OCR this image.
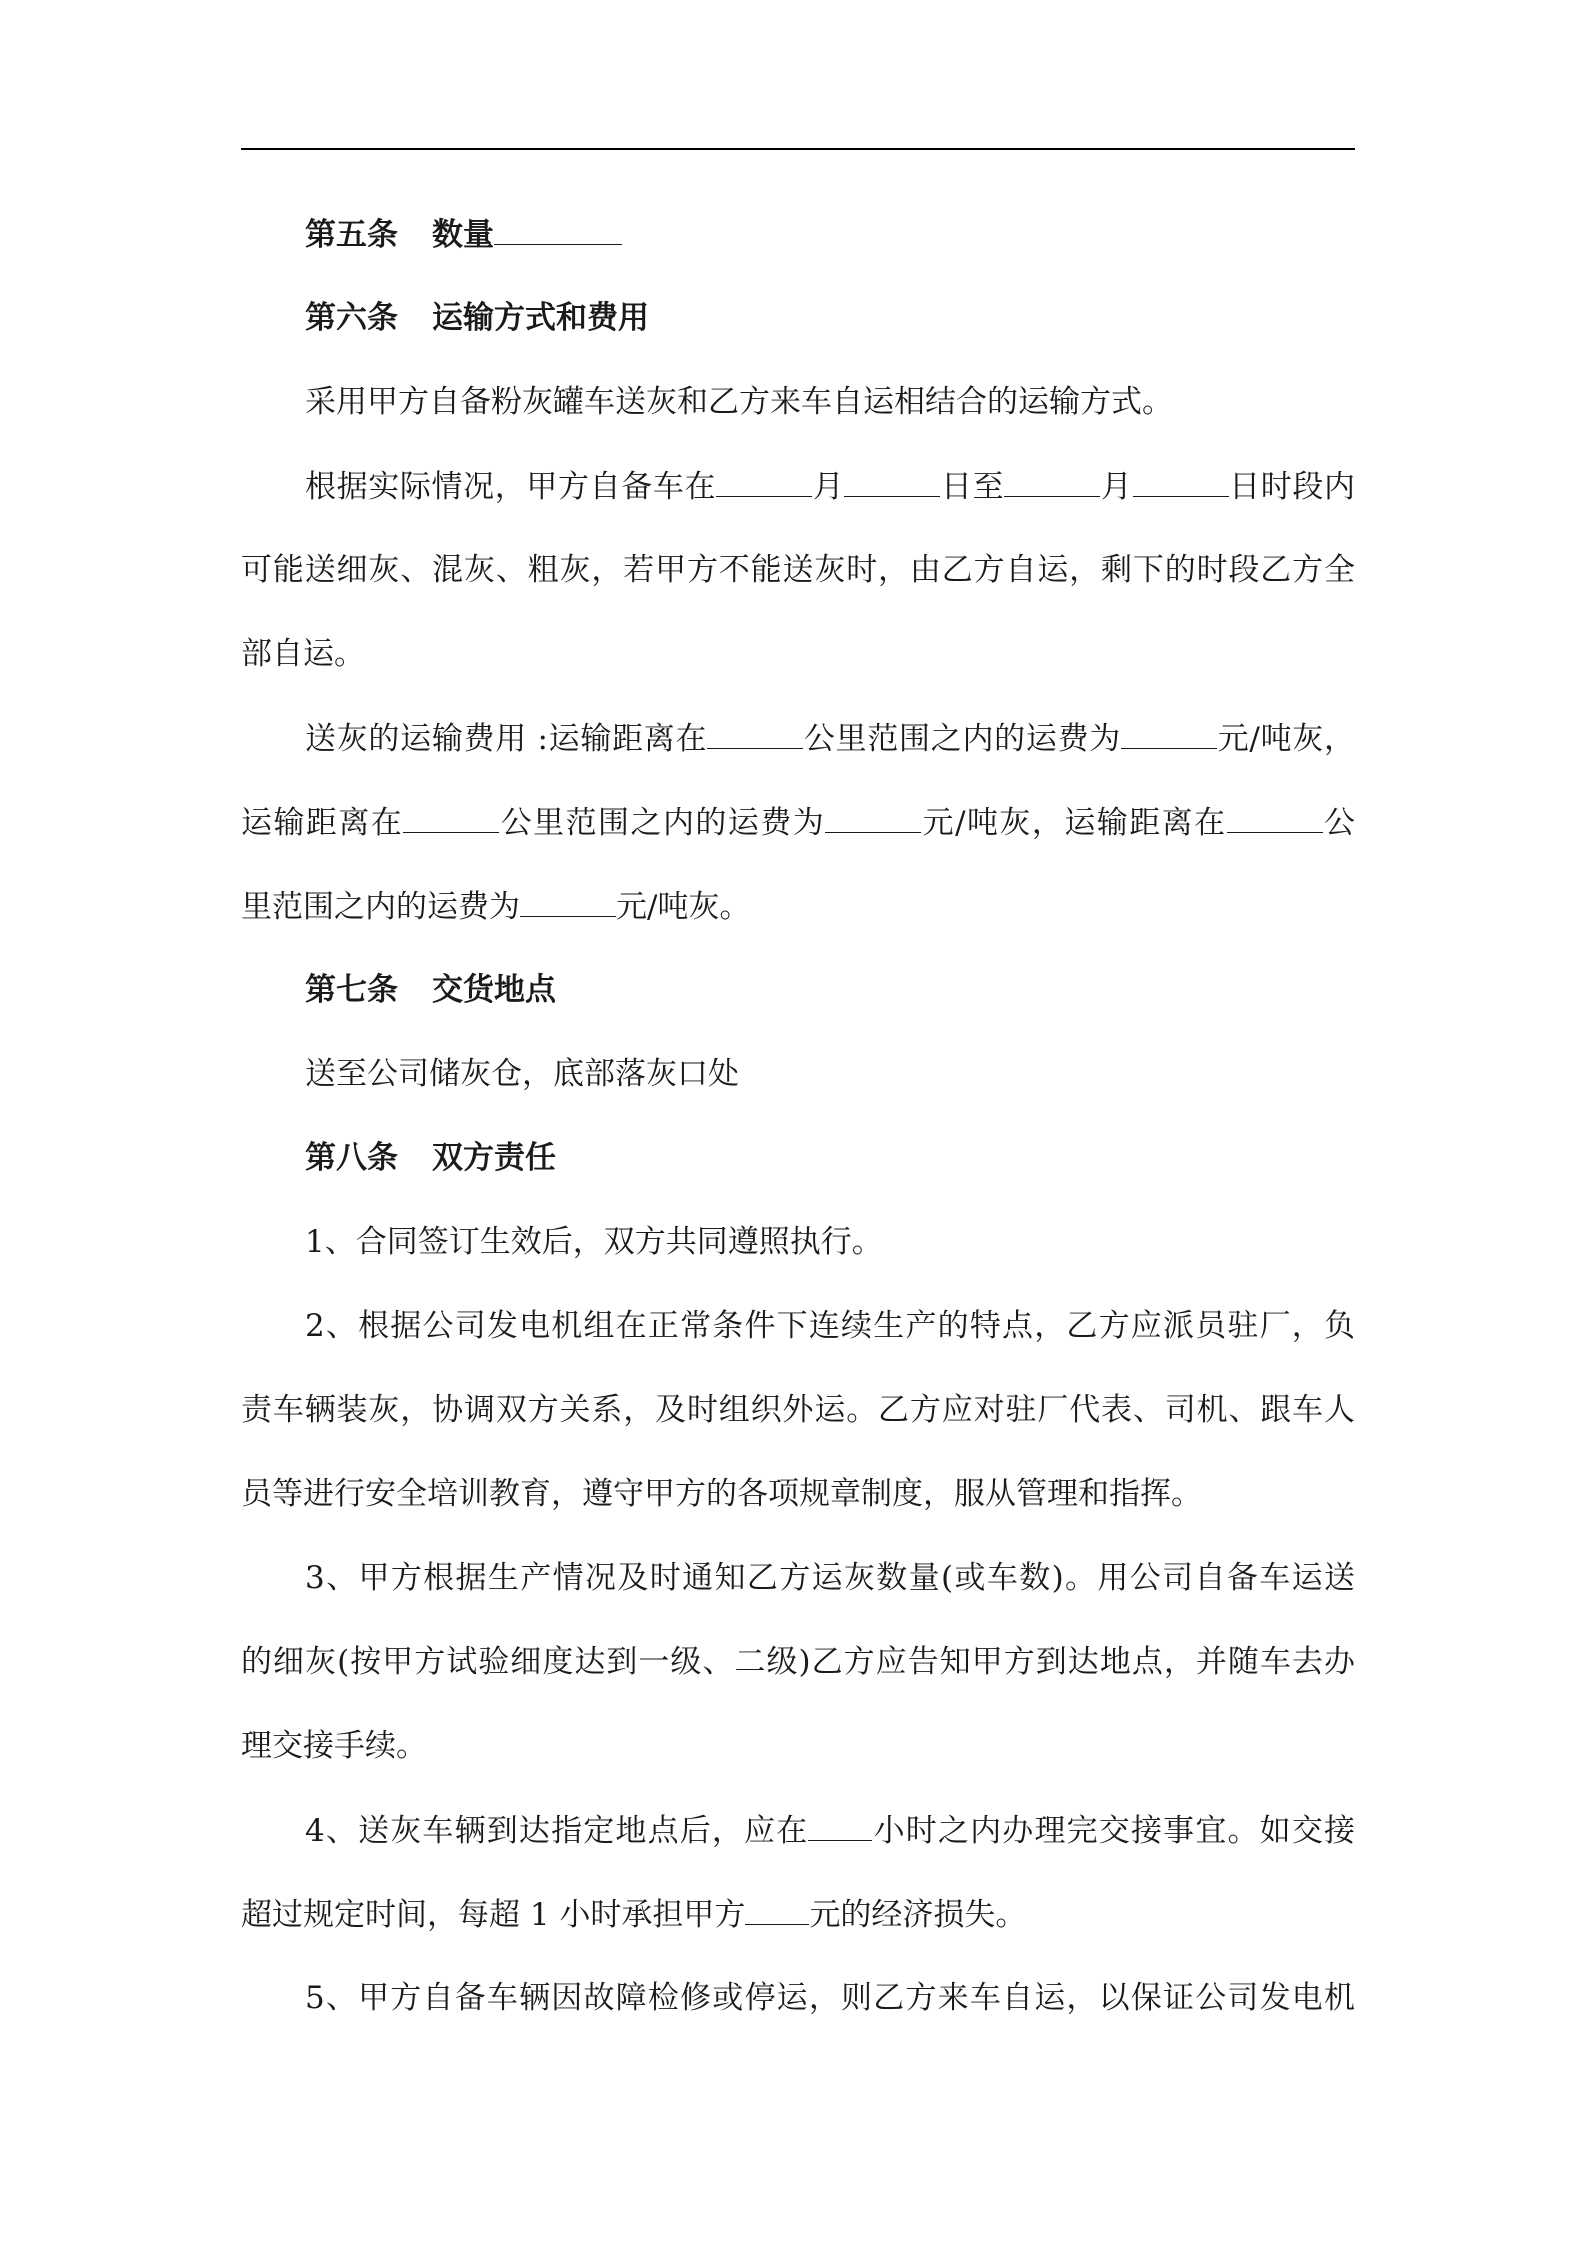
第五条 数量
第六条 运输方式和费用
采用甲方自备粉灰罐车送灰和乙方来车自运相结合的运输方式。
根据实际情况，甲方自备车在	月	日至	月	日时段内
可能送细灰、混灰、粗灰，若甲方不能送灰时，由乙方自运，剩下的时段乙方全
部自运。
送灰的运输费用 :运输距离在	公里范围之内的运费为	元/吨灰，
运输距离在	公里范围之内的运费为	元/吨灰，运输距离在	公
里范围之内的运费为	元/吨灰。
第七条 交货地点
送至公司储灰仓，底部落灰口处
第八条 双方责任
1、合同签订生效后，双方共同遵照执行。
2、根据公司发电机组在正常条件下连续生产的特点，乙方应派员驻厂，负
责车辆装灰，协调双方关系，及时组织外运。乙方应对驻厂代表、司机、跟车人
员等进行安全培训教育，遵守甲方的各项规章制度，服从管理和指挥。
3、甲方根据生产情况及时通知乙方运灰数量(或车数)。用公司自备车运送
的细灰(按甲方试验细度达到一级、二级)乙方应告知甲方到达地点，并随车去办
理交接手续。
4、送灰车辆到达指定地点后，应在 小时之内办理完交接事宜。如交接
超过规定时间，每超 1 小时承担甲方 元的经济损失。
5、甲方自备车辆因故障检修或停运，则乙方来车自运，以保证公司发电机
